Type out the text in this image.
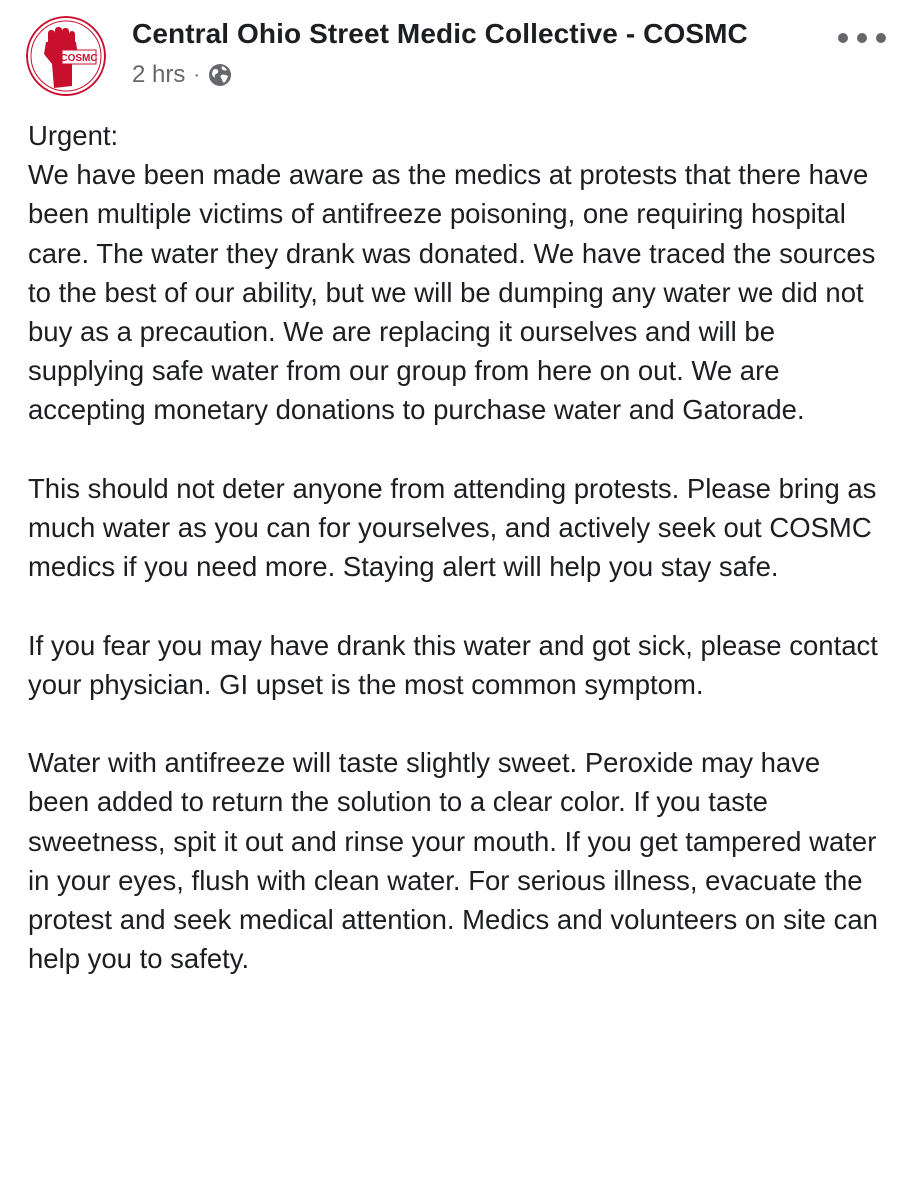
COSMC
Central Ohio Street Medic Collective - COSMC
2 hrs ·

Urgent:
We have been made aware as the medics at protests that there have been multiple victims of antifreeze poisoning, one requiring hospital care. The water they drank was donated. We have traced the sources to the best of our ability, but we will be dumping any water we did not buy as a precaution. We are replacing it ourselves and will be supplying safe water from our group from here on out. We are accepting monetary donations to purchase water and Gatorade.

This should not deter anyone from attending protests. Please bring as much water as you can for yourselves, and actively seek out COSMC medics if you need more. Staying alert will help you stay safe.

If you fear you may have drank this water and got sick, please contact your physician. GI upset is the most common symptom.

Water with antifreeze will taste slightly sweet. Peroxide may have been added to return the solution to a clear color. If you taste sweetness, spit it out and rinse your mouth. If you get tampered water in your eyes, flush with clean water. For serious illness, evacuate the protest and seek medical attention. Medics and volunteers on site can help you to safety.
